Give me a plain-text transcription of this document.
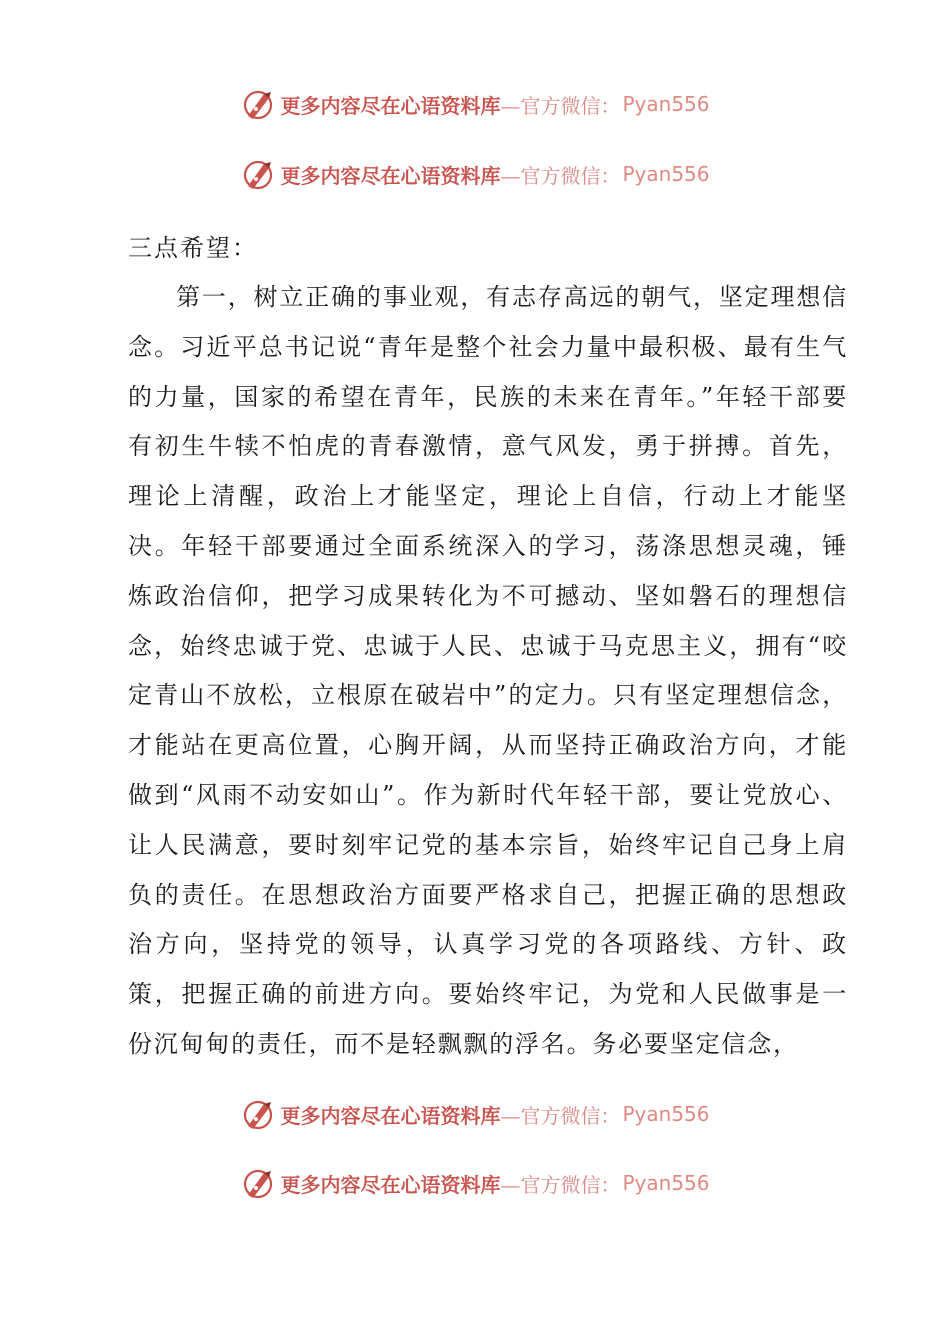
更多内容尽在心语资料库—官方微信： Pyan556
更多内容尽在心语资料库—官方微信： Pyan556
三点希望：

第一，树立正确的事业观，有志存高远的朝气，坚定理想信念。习近平总书记说“青年是整个社会力量中最积极、最有生气的力量，国家的希望在青年，民族的未来在青年。”年轻干部要有初生牛犊不怕虎的青春激情，意气风发，勇于拼搏。首先，理论上清醒，政治上才能坚定，理论上自信，行动上才能坚决。年轻干部要通过全面系统深入的学习，荡涤思想灵魂，锤炼政治信仰，把学习成果转化为不可撼动、坚如磐石的理想信念，始终忠诚于党、忠诚于人民、忠诚于马克思主义，拥有“咬定青山不放松，立根原在破岩中”的定力。只有坚定理想信念，才能站在更高位置，心胸开阔，从而坚持正确政治方向，才能做到“风雨不动安如山”。作为新时代年轻干部，要让党放心、让人民满意，要时刻牢记党的基本宗旨，始终牢记自己身上肩负的责任。在思想政治方面要严格求自己，把握正确的思想政治方向，坚持党的领导，认真学习党的各项路线、方针、政策，把握正确的前进方向。要始终牢记，为党和人民做事是一份沉甸甸的责任，而不是轻飘飘的浮名。务必要坚定信念，

更多内容尽在心语资料库—官方微信： Pyan556
更多内容尽在心语资料库—官方微信： Pyan556
